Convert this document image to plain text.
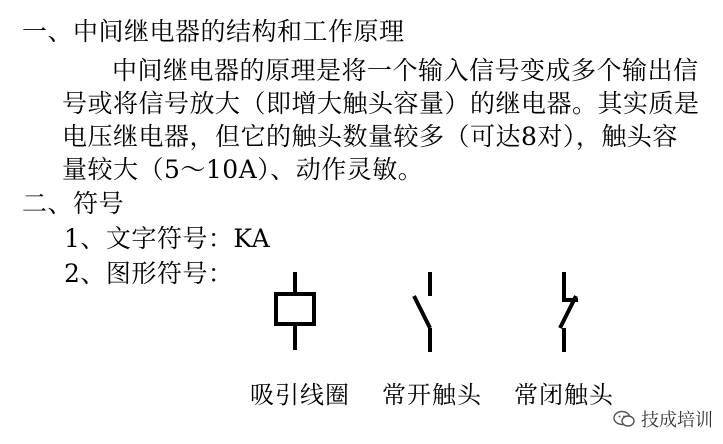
一、中间继电器的结构和工作原理
中间继电器的原理是将一个输入信号变成多个输出信
号或将信号放大（即增大触头容量）的继电器。其实质是
电压继电器，但它的触头数量较多（可达8对），触头容
量较大（5～10A）、动作灵敏。
二、符号
1、文字符号：KA
2、图形符号：
吸引线圈 常开触头 常闭触头
技成培训
